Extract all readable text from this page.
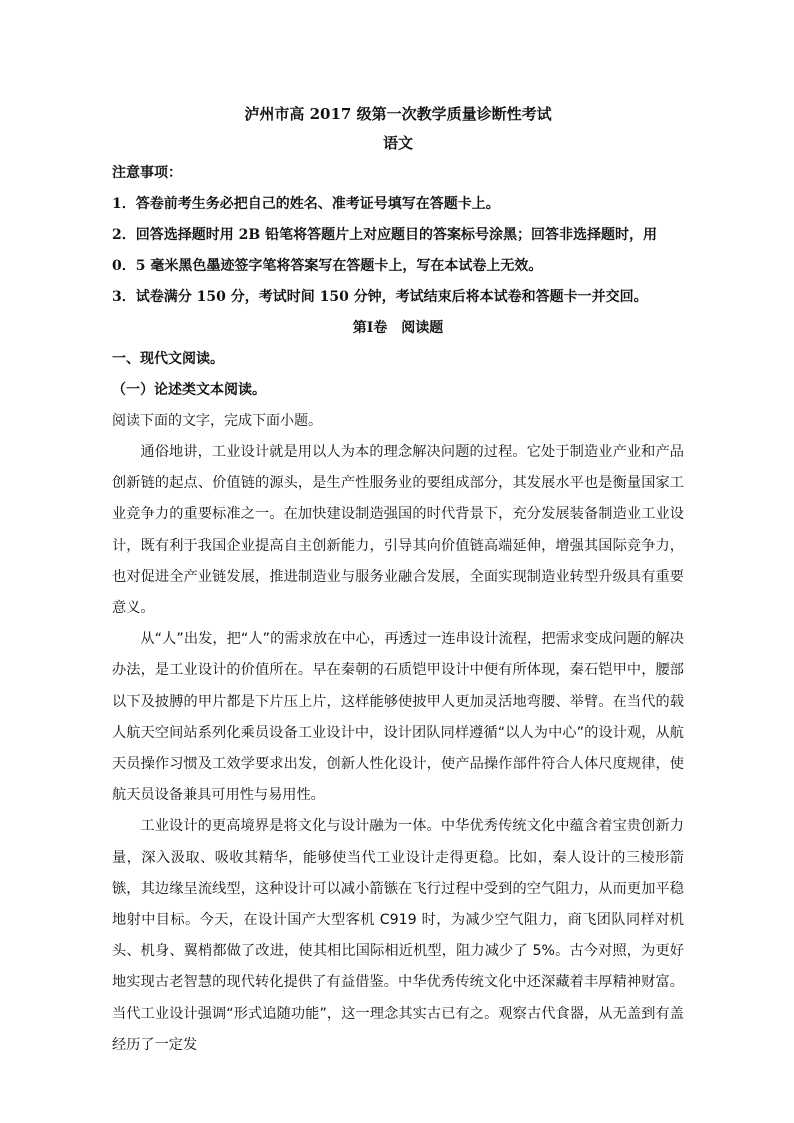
泸州市高 2017 级第一次教学质量诊断性考试
语文
注意事项：
1．答卷前考生务必把自己的姓名、准考证号填写在答题卡上。
2．回答选择题时用 2B 铅笔将答题片上对应题目的答案标号涂黑；回答非选择题时，用 0．5 毫米黑色墨迹签字笔将答案写在答题卡上，写在本试卷上无效。
3．试卷满分 150 分，考试时间 150 分钟，考试结束后将本试卷和答题卡一并交回。
第Ⅰ卷 阅读题
一、现代文阅读。
（一）论述类文本阅读。
阅读下面的文字，完成下面小题。

通俗地讲，工业设计就是用以人为本的理念解决问题的过程。它处于制造业产业和产品创新链的起点、价值链的源头，是生产性服务业的要组成部分，其发展水平也是衡量国家工业竞争力的重要标准之一。在加快建设制造强国的时代背景下，充分发展装备制造业工业设计，既有利于我国企业提高自主创新能力，引导其向价值链高端延伸，增强其国际竞争力，也对促进全产业链发展，推进制造业与服务业融合发展，全面实现制造业转型升级具有重要意义。

从“人”出发，把“人”的需求放在中心，再透过一连串设计流程，把需求变成问题的解决办法，是工业设计的价值所在。早在秦朝的石质铠甲设计中便有所体现，秦石铠甲中，腰部以下及披膊的甲片都是下片压上片，这样能够使披甲人更加灵活地弯腰、举臂。在当代的载人航天空间站系列化乘员设备工业设计中，设计团队同样遵循“以人为中心”的设计观，从航天员操作习惯及工效学要求出发，创新人性化设计，使产品操作部件符合人体尺度规律，使航天员设备兼具可用性与易用性。

工业设计的更高境界是将文化与设计融为一体。中华优秀传统文化中蕴含着宝贵创新力量，深入汲取、吸收其精华，能够使当代工业设计走得更稳。比如，秦人设计的三棱形箭镞，其边缘呈流线型，这种设计可以减小箭镞在飞行过程中受到的空气阻力，从而更加平稳地射中目标。今天，在设计国产大型客机 C919 时，为减少空气阻力，商飞团队同样对机头、机身、翼梢都做了改进，使其相比国际相近机型，阻力减少了 5%。古今对照，为更好地实现古老智慧的现代转化提供了有益借鉴。中华优秀传统文化中还深藏着丰厚精神财富。当代工业设计强调“形式追随功能”，这一理念其实古已有之。观察古代食器，从无盖到有盖经历了一定发
